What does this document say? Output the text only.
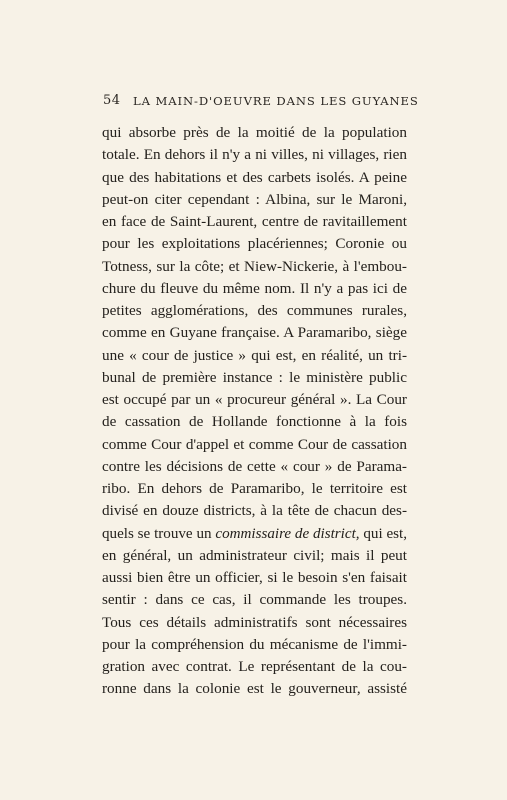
54 LA MAIN-D'OEUVRE DANS LES GUYANES
qui absorbe près de la moitié de la population
totale. En dehors il n'y a ni villes, ni villages, rien
que des habitations et des carbets isolés. A peine
peut-on citer cependant : Albina, sur le Maroni,
en face de Saint-Laurent, centre de ravitaillement
pour les exploitations placériennes; Coronie ou
Totness, sur la côte; et Niew-Nickerie, à l'embou-
chure du fleuve du même nom. Il n'y a pas ici de
petites agglomérations, des communes rurales,
comme en Guyane française. A Paramaribo, siège
une « cour de justice » qui est, en réalité, un tri-
bunal de première instance : le ministère public
est occupé par un « procureur général ». La Cour
de cassation de Hollande fonctionne à la fois
comme Cour d'appel et comme Cour de cassation
contre les décisions de cette « cour » de Parama-
ribo. En dehors de Paramaribo, le territoire est
divisé en douze districts, à la tête de chacun des-
quels se trouve un commissaire de district, qui est,
en général, un administrateur civil; mais il peut
aussi bien être un officier, si le besoin s'en faisait
sentir : dans ce cas, il commande les troupes.
Tous ces détails administratifs sont nécessaires
pour la compréhension du mécanisme de l'immi-
gration avec contrat. Le représentant de la cou-
ronne dans la colonie est le gouverneur, assisté
